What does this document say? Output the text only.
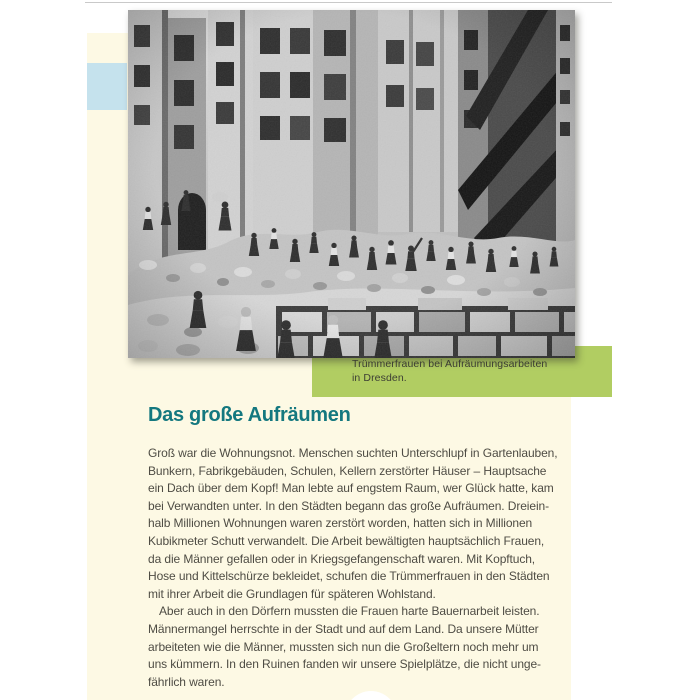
Trümmerfrauen bei Aufräumungsarbeiten
in Dresden.
Das große Aufräumen
Groß war die Wohnungsnot. Menschen suchten Unterschlupf in Gartenlauben,
Bunkern, Fabrikgebäuden, Schulen, Kellern zerstörter Häuser – Hauptsache
ein Dach über dem Kopf! Man lebte auf engstem Raum, wer Glück hatte, kam
bei Verwandten unter. In den Städten begann das große Aufräumen. Dreiein-
halb Millionen Wohnungen waren zerstört worden, hatten sich in Millionen
Kubikmeter Schutt verwandelt. Die Arbeit bewältigten hauptsächlich Frauen,
da die Männer gefallen oder in Kriegsgefangenschaft waren. Mit Kopftuch,
Hose und Kittelschürze bekleidet, schufen die Trümmerfrauen in den Städten
mit ihrer Arbeit die Grundlagen für späteren Wohlstand.
Aber auch in den Dörfern mussten die Frauen harte Bauernarbeit leisten.
Männermangel herrschte in der Stadt und auf dem Land. Da unsere Mütter
arbeiteten wie die Männer, mussten sich nun die Großeltern noch mehr um
uns kümmern. In den Ruinen fanden wir unsere Spielplätze, die nicht unge-
fährlich waren.
